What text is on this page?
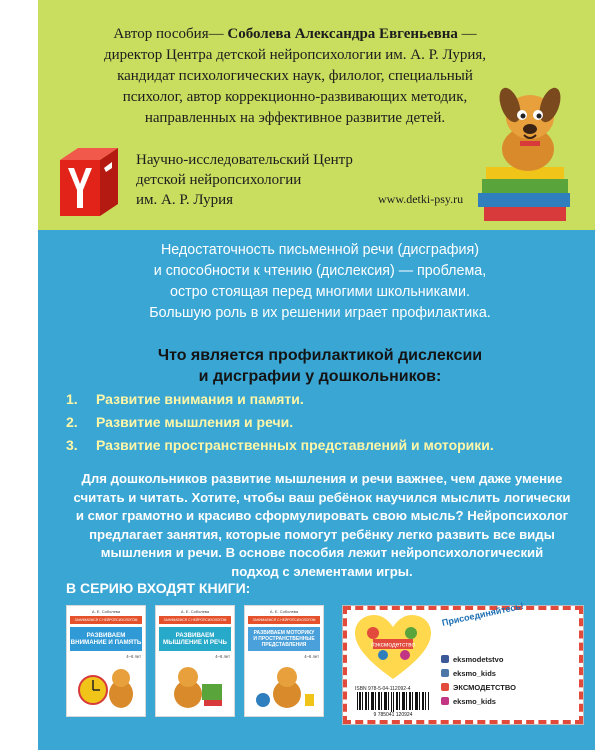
Автор пособия— Соболева Александра Евгеньевна —
директор Центра детской нейропсихологии им. А. Р. Лурия,
кандидат психологических наук, филолог, специальный
психолог, автор коррекционно-развивающих методик,
направленных на эффективное развитие детей.
Научно-исследовательский Центр
детской нейропсихологии
им. А. Р. Лурия	www.detki-psy.ru
Недостаточность письменной речи (дисграфия)
и способности к чтению (дислексия) — проблема,
остро стоящая перед многими школьниками.
Большую роль в их решении играет профилактика.
Что является профилактикой дислексии
и дисграфии у дошкольников:
1.	Развитие внимания и памяти.
2.	Развитие мышления и речи.
3.	Развитие пространственных представлений и моторики.
Для дошкольников развитие мышления и речи важнее, чем даже умение
считать и читать. Хотите, чтобы ваш ребёнок научился мыслить логически
и смог грамотно и красиво сформулировать свою мысль? Нейропсихолог
предлагает занятия, которые помогут ребёнку легко развить все виды
мышления и речи. В основе пособия лежит нейропсихологический
подход с элементами игры.
В СЕРИЮ ВХОДЯТ КНИГИ:
А. Е. Соболева
ЗАНИМАЕМСЯ С НЕЙРОПСИХОЛОГОМ
РАЗВИВАЕМ
ВНИМАНИЕ И ПАМЯТЬ
4–6 лет
А. Е. Соболева
ЗАНИМАЕМСЯ С НЕЙРОПСИХОЛОГОМ
РАЗВИВАЕМ
МЫШЛЕНИЕ И РЕЧЬ
4–6 лет
А. Е. Соболева
ЗАНИМАЕМСЯ С НЕЙРОПСИХОЛОГОМ
РАЗВИВАЕМ МОТОРИКУ
И ПРОСТРАНСТВЕННЫЕ ПРЕДСТАВЛЕНИЯ
4–6 лет
#эксмодетство
Присоединяйтесь!
ISBN 978-5-04-112092-4
9 785041 120924
eksmodetstvo
eksmo_kids
ЭКСМОДЕТСТВО
eksmo_kids
